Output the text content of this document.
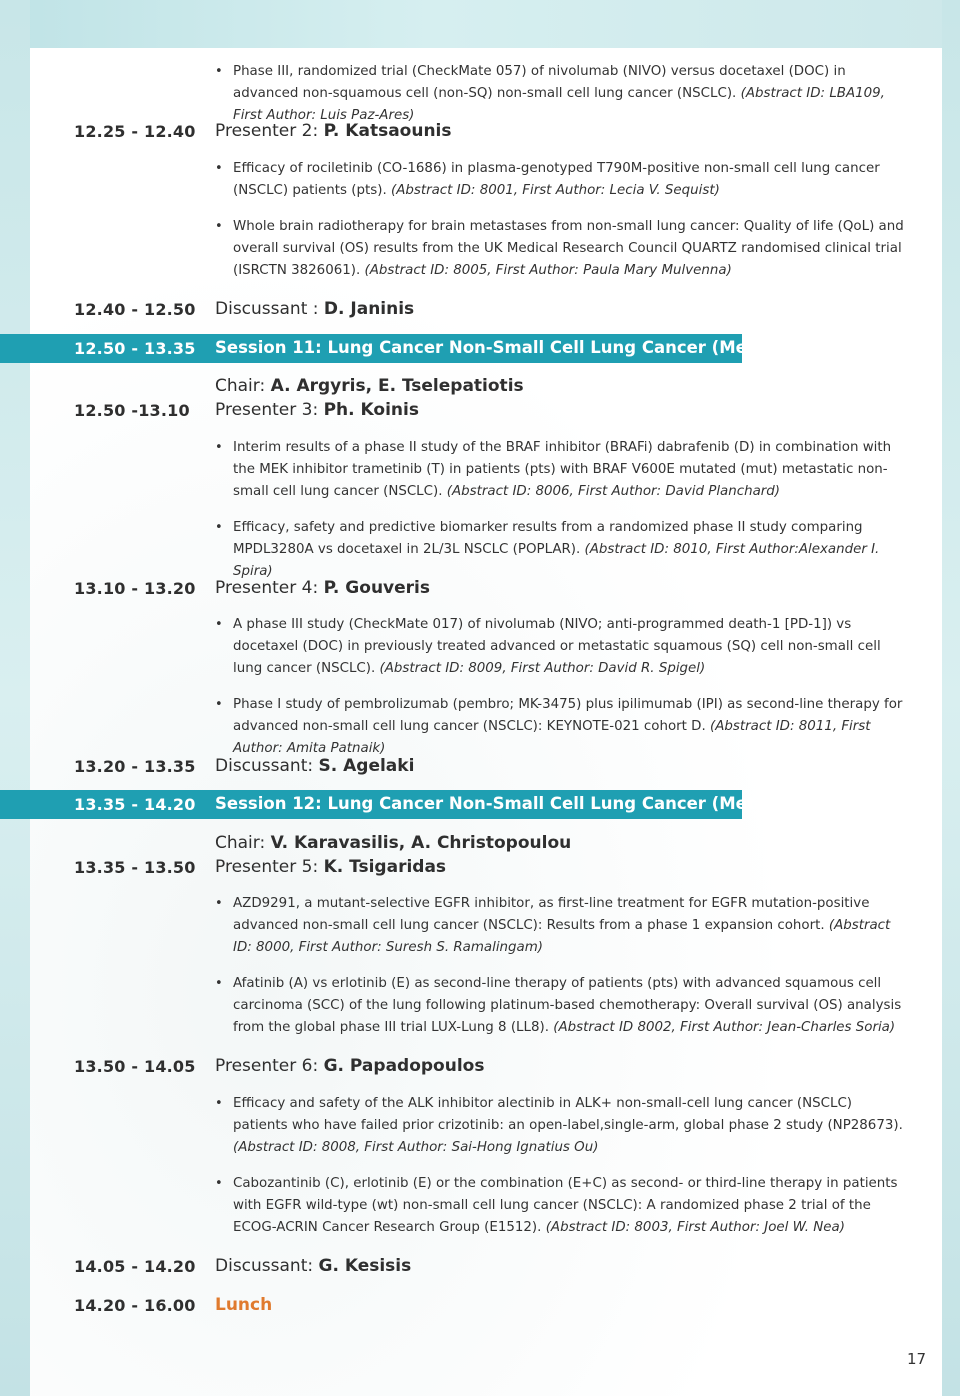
• Phase III, randomized trial (CheckMate 057) of nivolumab (NIVO) versus docetaxel (DOC) in advanced non-squamous cell (non-SQ) non-small cell lung cancer (NSCLC). (Abstract ID: LBA109, First Author: Luis Paz-Ares)
12.25 - 12.40 Presenter 2: P. Katsaounis
• Efficacy of rociletinib (CO-1686) in plasma-genotyped T790M-positive non-small cell lung cancer (NSCLC) patients (pts). (Abstract ID: 8001, First Author: Lecia V. Sequist)
• Whole brain radiotherapy for brain metastases from non-small lung cancer: Quality of life (QoL) and overall survival (OS) results from the UK Medical Research Council QUARTZ randomised clinical trial (ISRCTN 3826061). (Abstract ID: 8005, First Author: Paula Mary Mulvenna)
12.40 - 12.50 Discussant : D. Janinis
12.50 - 13.35 Session 11: Lung Cancer Non-Small Cell Lung Cancer (Metastatic 2)
Chair: A. Argyris, E. Tselepatiotis
12.50 -13.10 Presenter 3: Ph. Koinis
• Interim results of a phase II study of the BRAF inhibitor (BRAFi) dabrafenib (D) in combination with the MEK inhibitor trametinib (T) in patients (pts) with BRAF V600E mutated (mut) metastatic non-small cell lung cancer (NSCLC). (Abstract ID: 8006, First Author: David Planchard)
• Efficacy, safety and predictive biomarker results from a randomized phase II study comparing MPDL3280A vs docetaxel in 2L/3L NSCLC (POPLAR). (Abstract ID: 8010, First Author:Alexander I. Spira)
13.10 - 13.20 Presenter 4: P. Gouveris
• A phase III study (CheckMate 017) of nivolumab (NIVO; anti-programmed death-1 [PD-1]) vs docetaxel (DOC) in previously treated advanced or metastatic squamous (SQ) cell non-small cell lung cancer (NSCLC). (Abstract ID: 8009, First Author: David R. Spigel)
• Phase I study of pembrolizumab (pembro; MK-3475) plus ipilimumab (IPI) as second-line therapy for advanced non-small cell lung cancer (NSCLC): KEYNOTE-021 cohort D. (Abstract ID: 8011, First Author: Amita Patnaik)
13.20 - 13.35 Discussant: S. Agelaki
13.35 - 14.20 Session 12: Lung Cancer Non-Small Cell Lung Cancer (Metastatic 3)
Chair: V. Karavasilis, A. Christopoulou
13.35 - 13.50 Presenter 5: K. Tsigaridas
• AZD9291, a mutant-selective EGFR inhibitor, as first-line treatment for EGFR mutation-positive advanced non-small cell lung cancer (NSCLC): Results from a phase 1 expansion cohort. (Abstract ID: 8000, First Author: Suresh S. Ramalingam)
• Afatinib (A) vs erlotinib (E) as second-line therapy of patients (pts) with advanced squamous cell carcinoma (SCC) of the lung following platinum-based chemotherapy: Overall survival (OS) analysis from the global phase III trial LUX-Lung 8 (LL8). (Abstract ID 8002, First Author: Jean-Charles Soria)
13.50 - 14.05 Presenter 6: G. Papadopoulos
• Efficacy and safety of the ALK inhibitor alectinib in ALK+ non-small-cell lung cancer (NSCLC) patients who have failed prior crizotinib: an open-label,single-arm, global phase 2 study (NP28673). (Abstract ID: 8008, First Author: Sai-Hong Ignatius Ou)
• Cabozantinib (C), erlotinib (E) or the combination (E+C) as second- or third-line therapy in patients with EGFR wild-type (wt) non-small cell lung cancer (NSCLC): A randomized phase 2 trial of the ECOG-ACRIN Cancer Research Group (E1512). (Abstract ID: 8003, First Author: Joel W. Nea)
14.05 - 14.20 Discussant: G. Kesisis
14.20 - 16.00 Lunch
17
